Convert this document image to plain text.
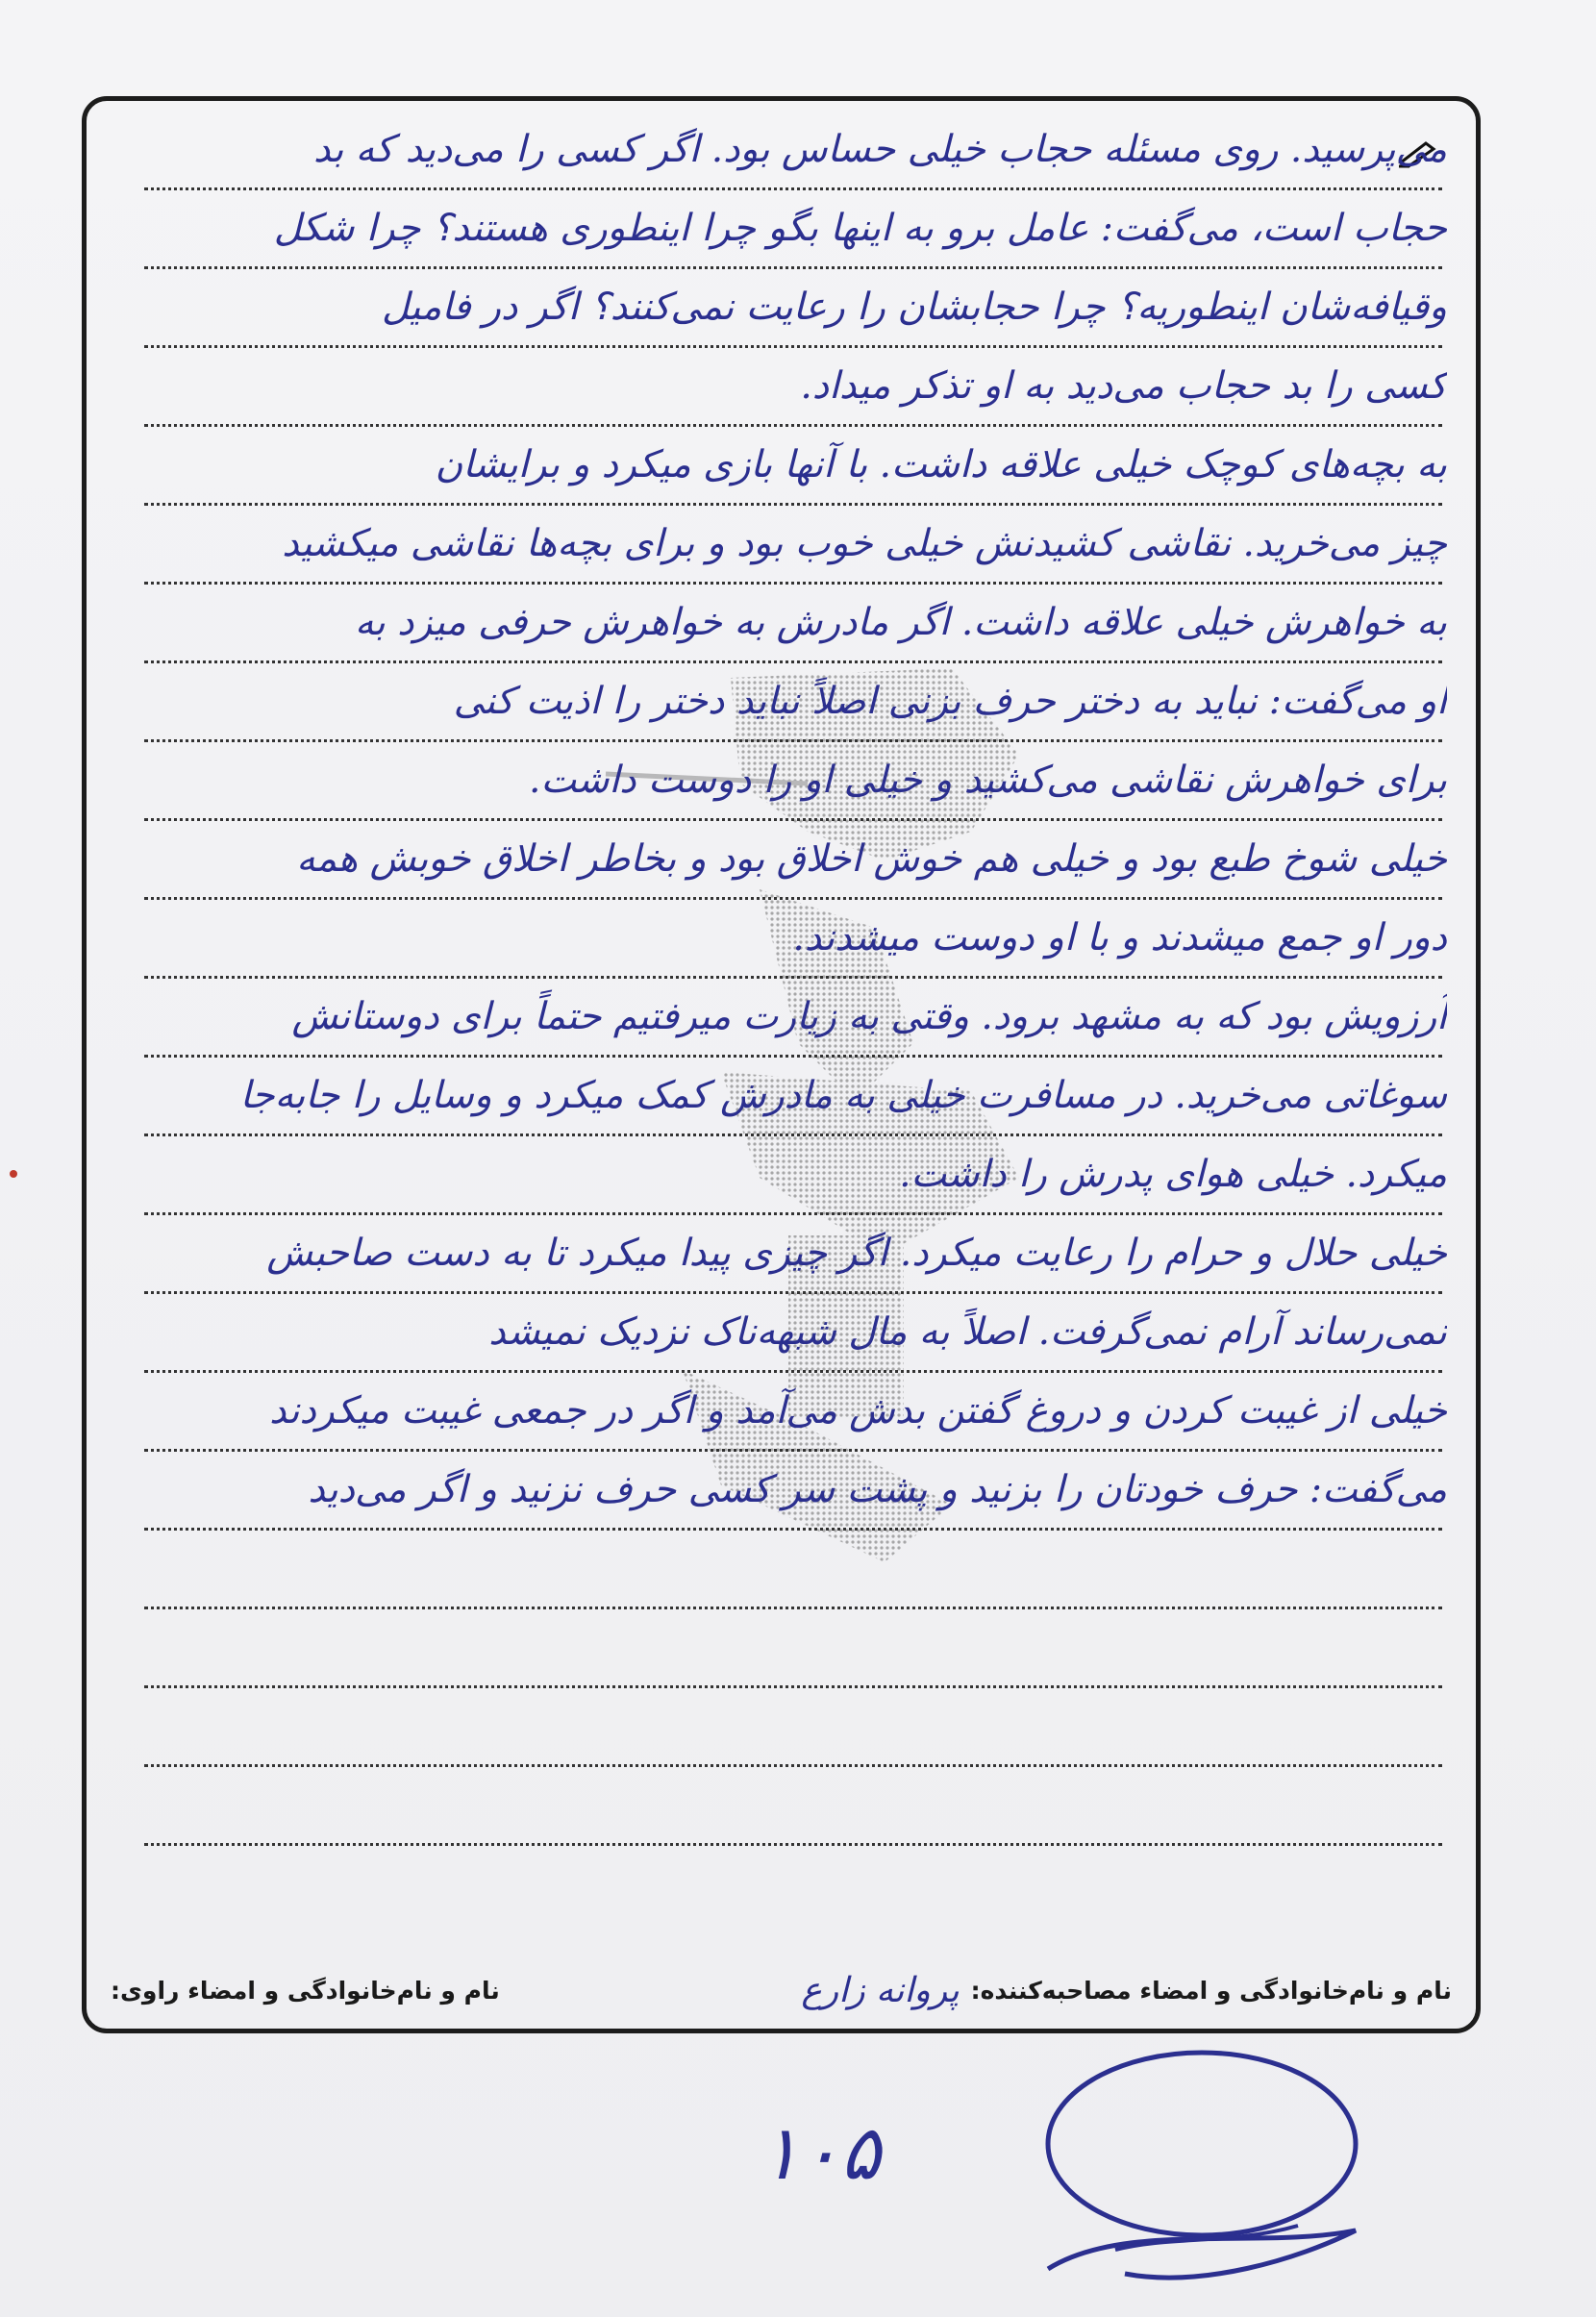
می‌پرسید. روی مسئله حجاب خیلی حساس بود. اگر کسی را می‌دید که بد
حجاب است، می‌گفت: عامل برو به اینها بگو چرا اینطوری هستند؟ چرا شکل
وقیافه‌شان اینطوریه؟ چرا حجابشان را رعایت نمی‌کنند؟ اگر در فامیل
کسی را بد حجاب می‌دید به او تذکر میداد.
به بچه‌های کوچک خیلی علاقه داشت. با آنها بازی میکرد و برایشان
چیز می‌خرید. نقاشی کشیدنش خیلی خوب بود و برای بچه‌ها نقاشی میکشید
به خواهرش خیلی علاقه داشت. اگر مادرش به خواهرش حرفی میزد به
او می‌گفت: نباید به دختر حرف بزنی اصلاً نباید دختر را اذیت کنی
برای خواهرش نقاشی می‌کشید و خیلی او را دوست داشت.
خیلی شوخ طبع بود و خیلی هم خوش اخلاق بود و بخاطر اخلاق خوبش همه
دور او جمع میشدند و با او دوست میشدند.
آرزویش بود که به مشهد برود. وقتی به زیارت میرفتیم حتماً برای دوستانش
سوغاتی می‌خرید. در مسافرت خیلی به مادرش کمک میکرد و وسایل را جابه‌جا
میکرد. خیلی هوای پدرش را داشت.
خیلی حلال و حرام را رعایت میکرد. اگر چیزی پیدا میکرد تا به دست صاحبش
نمی‌رساند آرام نمی‌گرفت. اصلاً به مال شبهه‌ناک نزدیک نمیشد
خیلی از غیبت کردن و دروغ گفتن بدش می‌آمد و اگر در جمعی غیبت میکردند
می‌گفت: حرف خودتان را بزنید و پشت سر کسی حرف نزنید و اگر می‌دید
نام و نام‌خانوادگی و امضاء مصاحبه‌کننده:
پروانه زارع
نام و نام‌خانوادگی و امضاء راوی:
۱۰۵
